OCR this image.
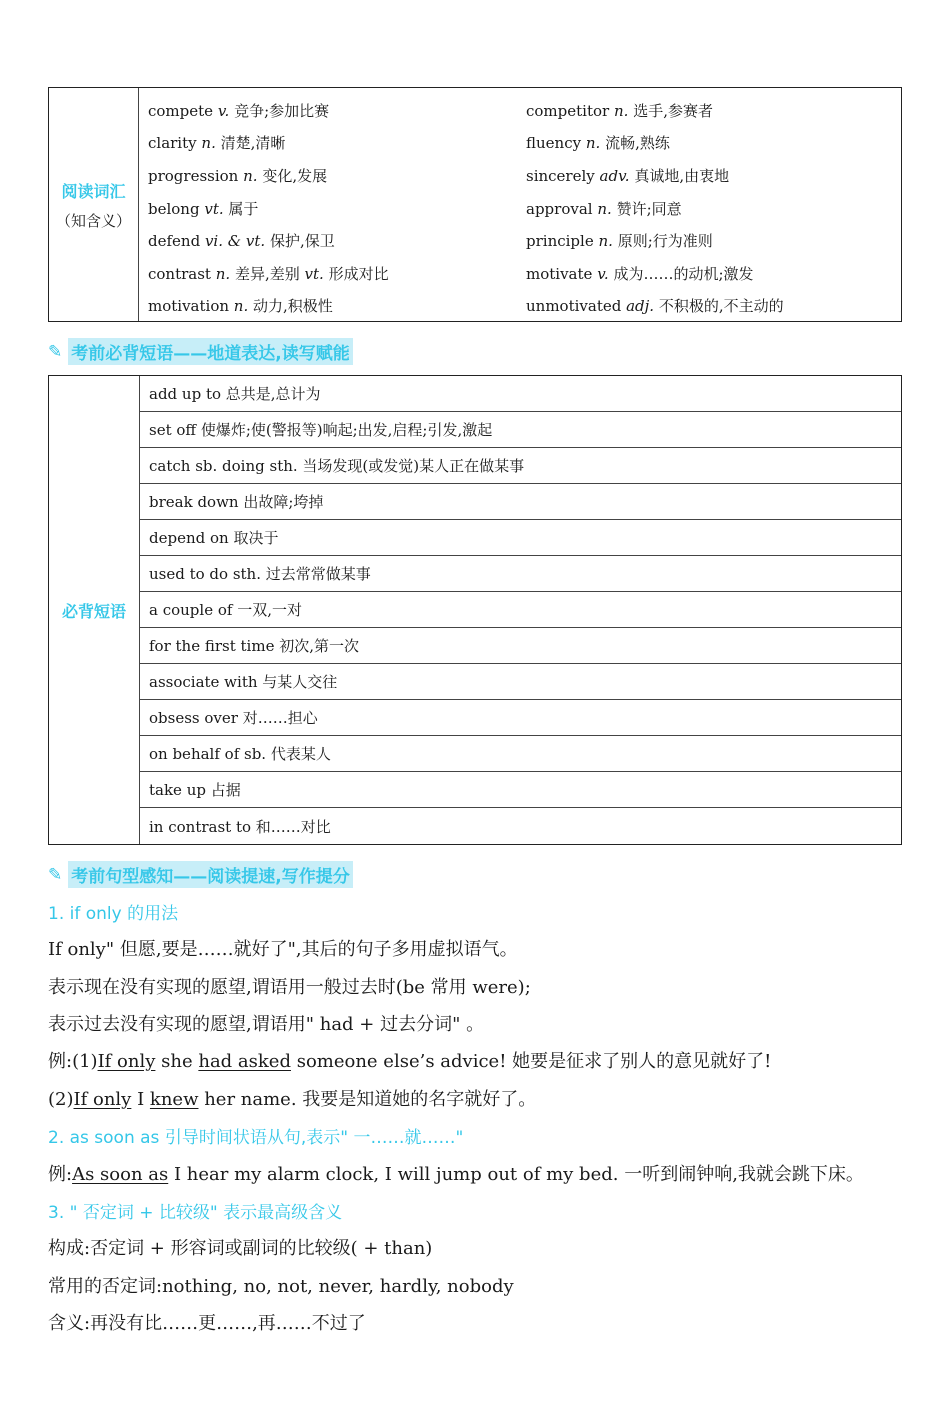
阅读词汇
（知含义）
compete v. 竞争;参加比赛	competitor n. 选手,参赛者
clarity n. 清楚,清晰	fluency n. 流畅,熟练
progression n. 变化,发展	sincerely adv. 真诚地,由衷地
belong vt. 属于	approval n. 赞许;同意
defend vi. & vt. 保护,保卫	principle n. 原则;行为准则
contrast n. 差异,差别 vt. 形成对比	motivate v. 成为……的动机;激发
motivation n. 动力,积极性	unmotivated adj. 不积极的,不主动的
✎ 考前必背短语——地道表达,读写赋能
必背短语
add up to 总共是,总计为
set off 使爆炸;使(警报等)响起;出发,启程;引发,激起
catch sb. doing sth. 当场发现(或发觉)某人正在做某事
break down 出故障;垮掉
depend on 取决于
used to do sth. 过去常常做某事
a couple of 一双,一对
for the first time 初次,第一次
associate with 与某人交往
obsess over 对……担心
on behalf of sb. 代表某人
take up 占据
in contrast to 和……对比
✎ 考前句型感知——阅读提速,写作提分
1. if only 的用法
If only" 但愿,要是……就好了",其后的句子多用虚拟语气。
表示现在没有实现的愿望,谓语用一般过去时(be 常用 were);
表示过去没有实现的愿望,谓语用" had + 过去分词" 。
例:(1)If only she had asked someone else’s advice! 她要是征求了别人的意见就好了!
(2)If only I knew her name. 我要是知道她的名字就好了。
2. as soon as 引导时间状语从句,表示" 一……就……"
例:As soon as I hear my alarm clock, I will jump out of my bed. 一听到闹钟响,我就会跳下床。
3. " 否定词 + 比较级" 表示最高级含义
构成:否定词 + 形容词或副词的比较级( + than)
常用的否定词:nothing, no, not, never, hardly, nobody
含义:再没有比……更……,再……不过了
